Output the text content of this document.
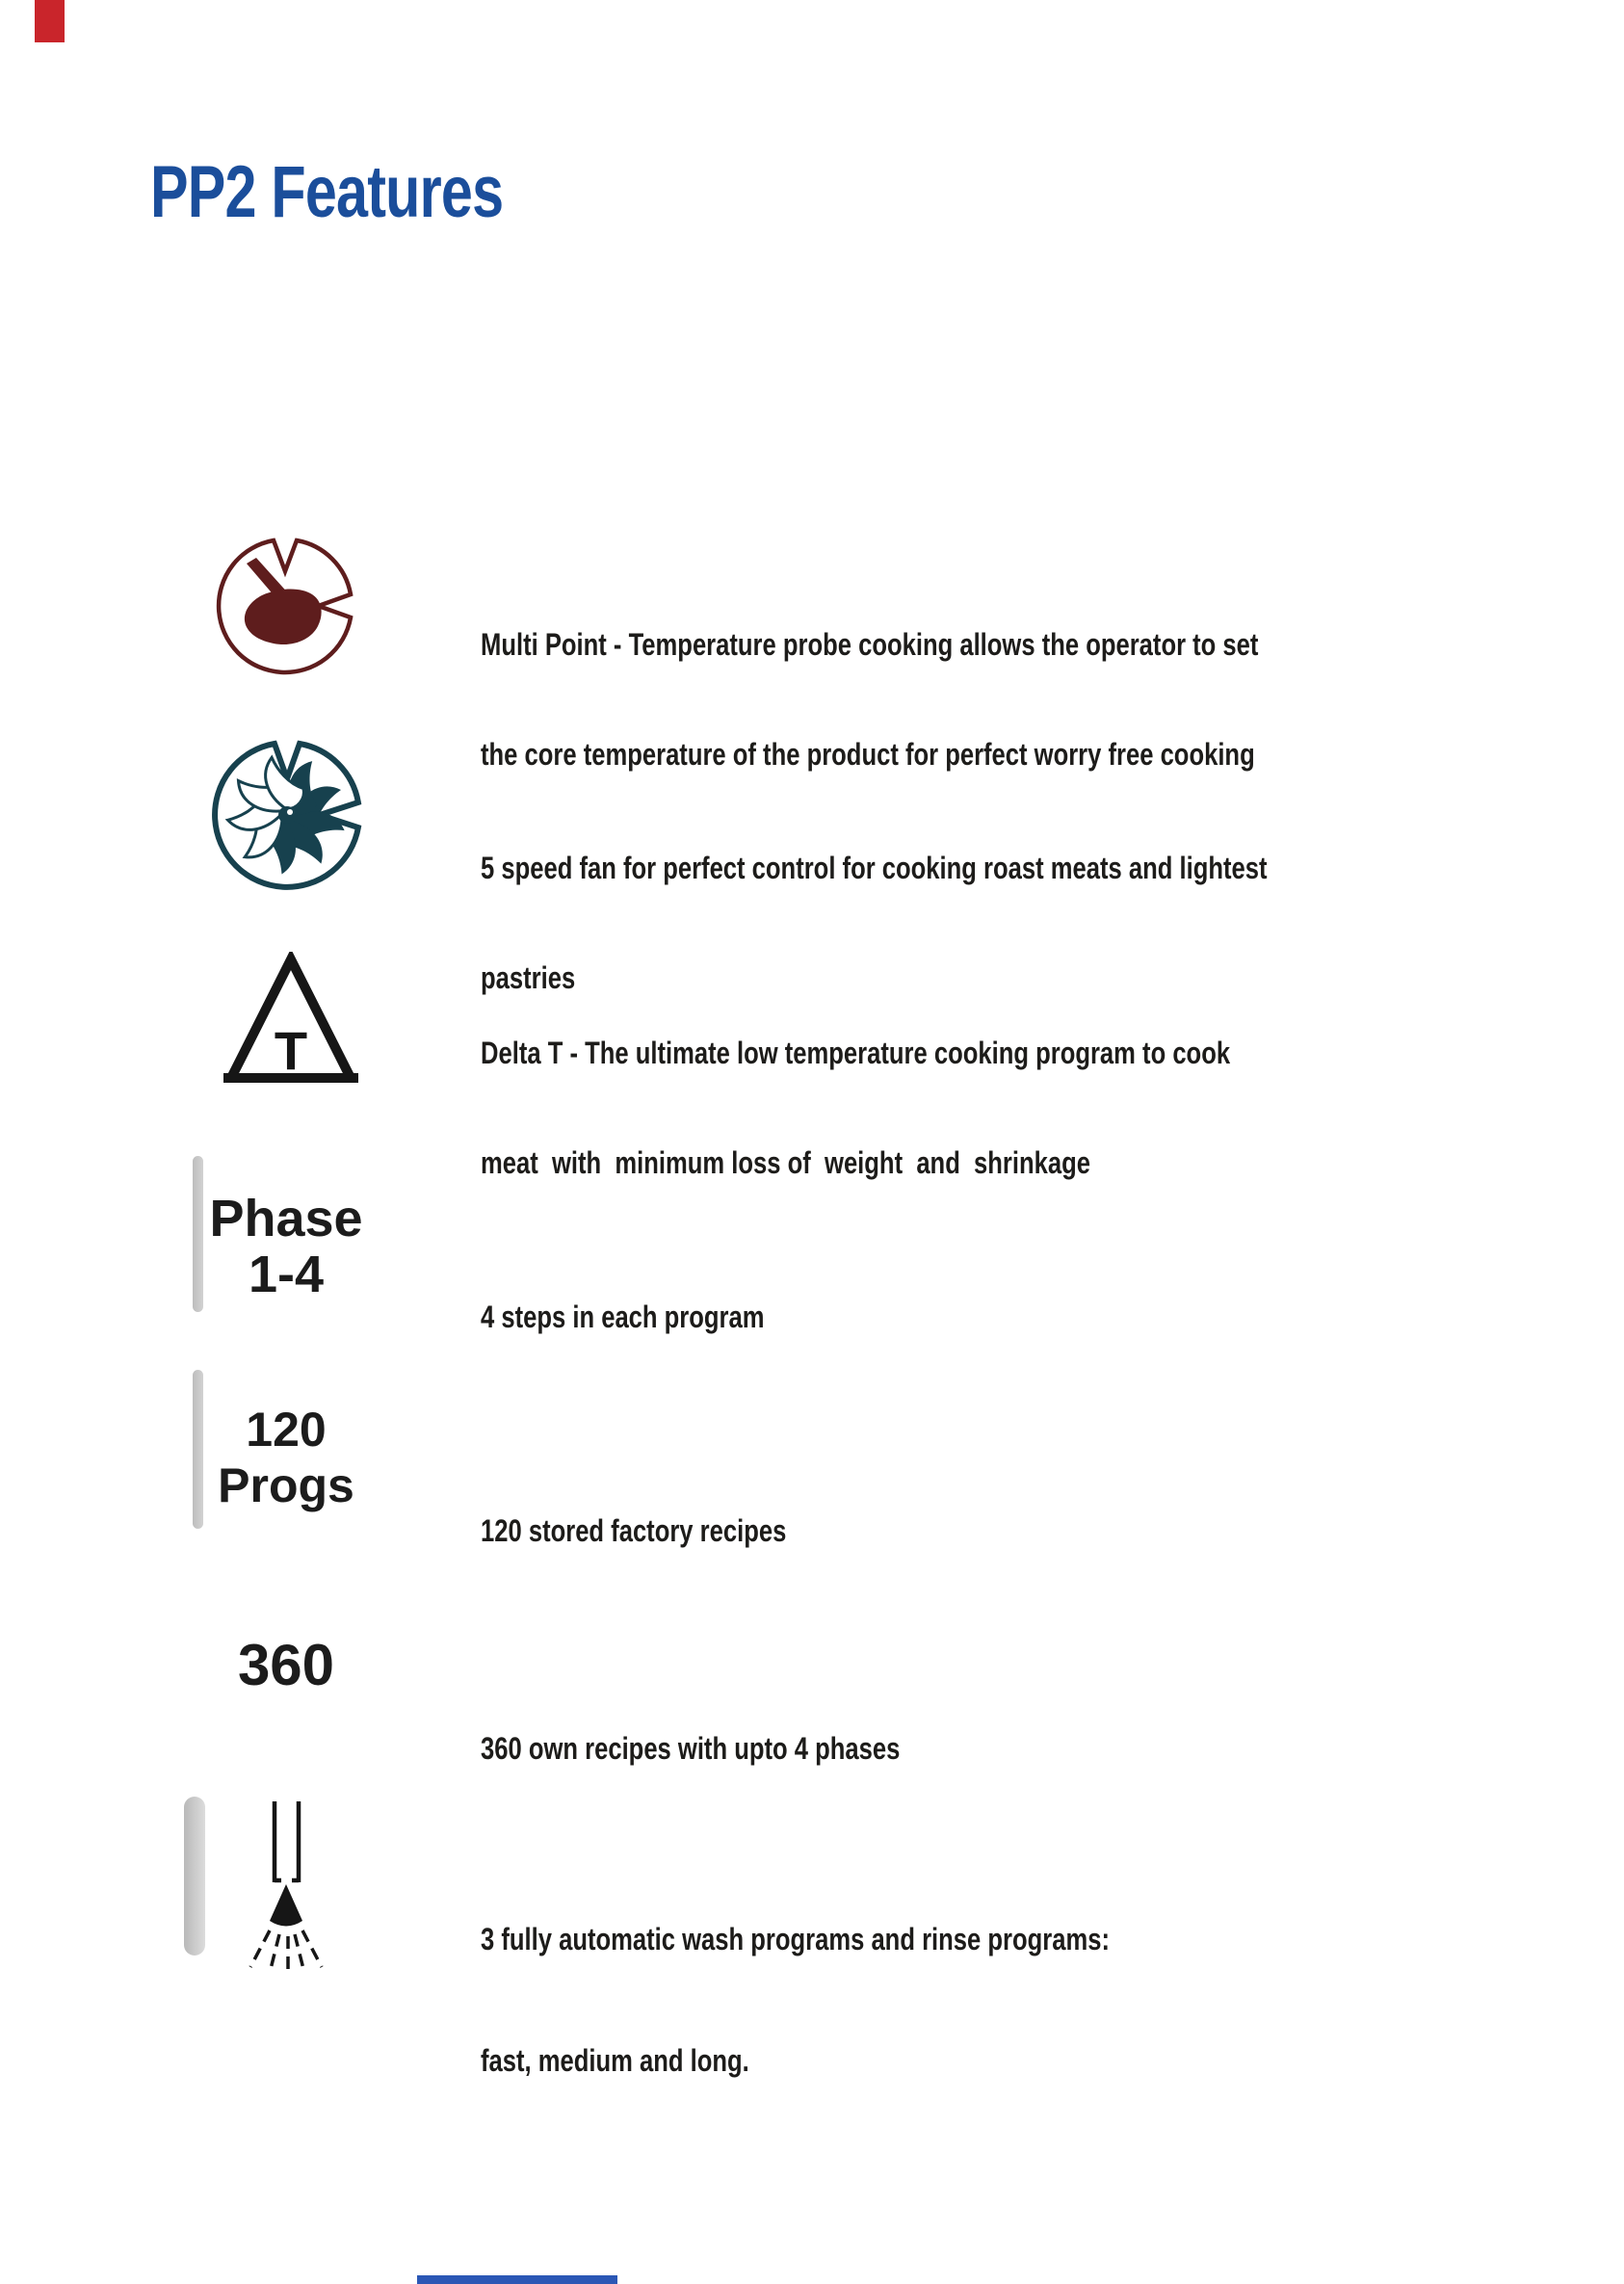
PP2 Features

Multi Point - Temperature probe cooking allows the operator to set

the core temperature of the product for perfect worry free cooking

5 speed fan for perfect control for cooking roast meats and lightest

pastries

T

	Delta T - The ultimate low temperature cooking program to cook

meat  with  minimum loss of  weight  and  shrinkage

Phase
1-4

4 steps in each program

120
Progs

120 stored factory recipes

360

360 own recipes with upto 4 phases

3 fully automatic wash programs and rinse programs:

fast, medium and long.
